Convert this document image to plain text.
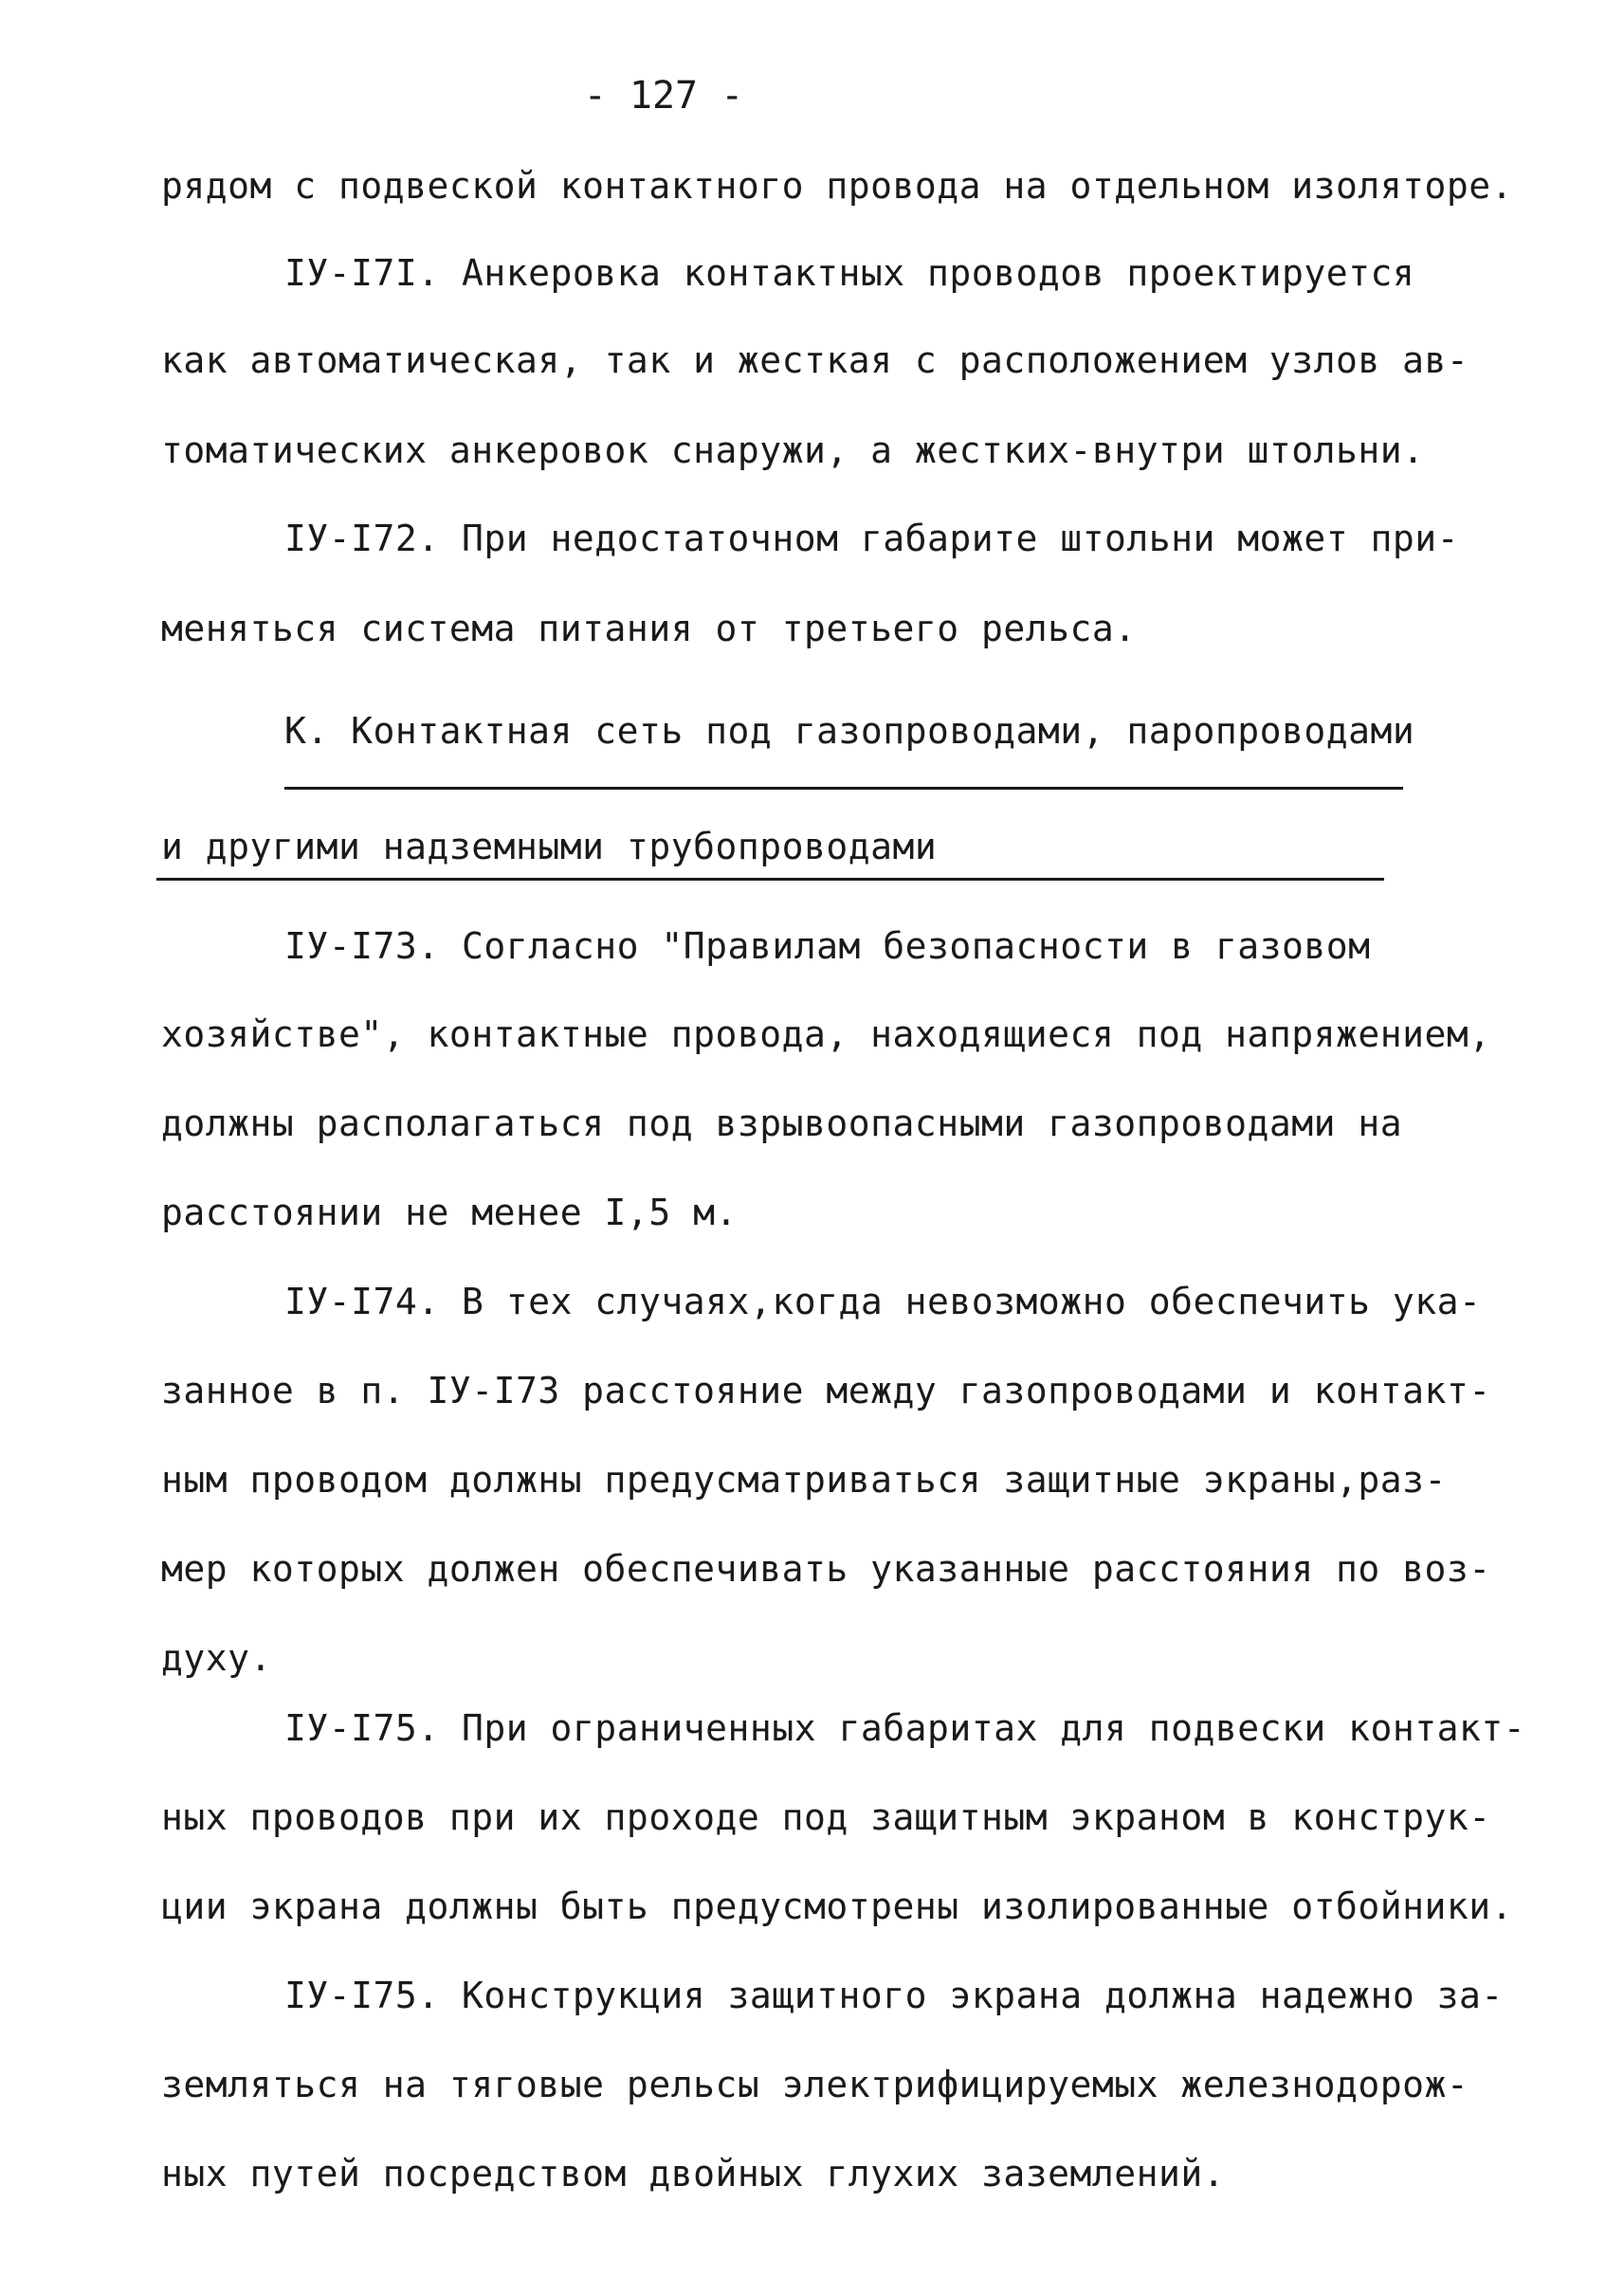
- 127 -
рядом с подвеской контактного провода на отдельном изоляторе.
IУ-I7I. Анкеровка контактных проводов проектируется
как автоматическая, так и жесткая с расположением узлов ав-
томатических анкеровок снаружи, а жестких-внутри штольни.
IУ-I72. При недостаточном габарите штольни может при-
меняться система питания от третьего рельса.
К. Контактная сеть под газопроводами, паропроводами
и другими надземными трубопроводами
IУ-I73. Согласно "Правилам безопасности в газовом
хозяйстве", контактные провода, находящиеся под напряжением,
должны располагаться под взрывоопасными газопроводами на
расстоянии не менее I,5 м.
IУ-I74. В тех случаях,когда невозможно обеспечить ука-
занное в п. IУ-I73 расстояние между газопроводами и контакт-
ным проводом должны предусматриваться защитные экраны,раз-
мер которых должен обеспечивать указанные расстояния по воз-
духу.
IУ-I75. При ограниченных габаритах для подвески контакт-
ных проводов при их проходе под защитным экраном в конструк-
ции экрана должны быть предусмотрены изолированные отбойники.
IУ-I75. Конструкция защитного экрана должна надежно за-
земляться на тяговые рельсы электрифицируемых железнодорож-
ных путей посредством двойных глухих заземлений.
